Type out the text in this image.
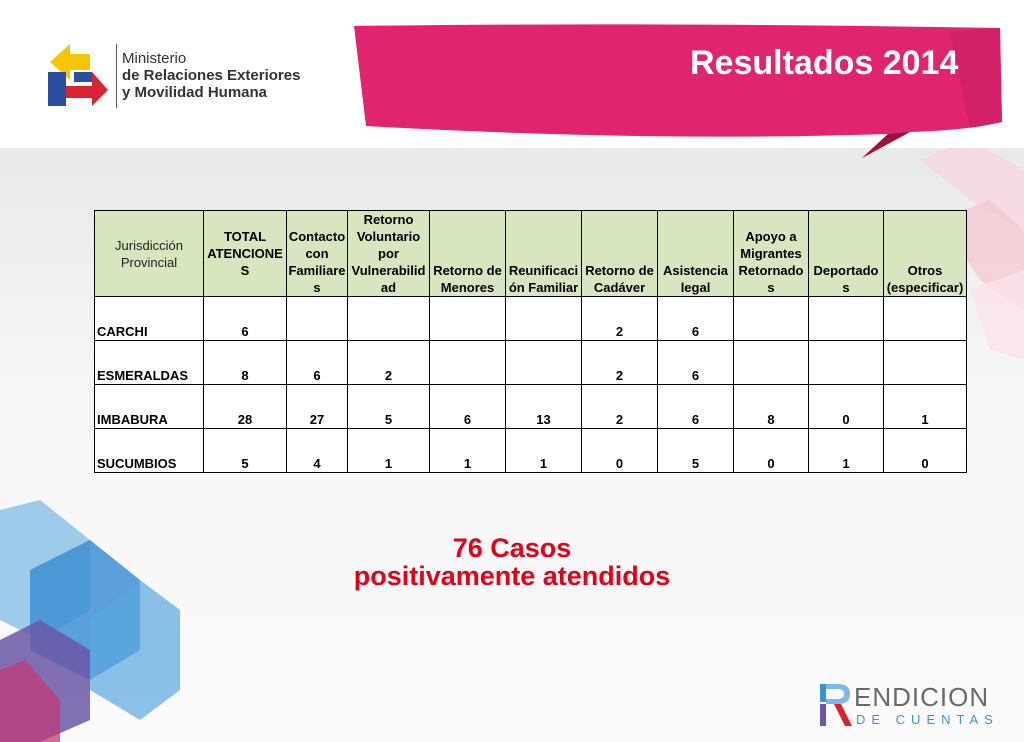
Ministerio
de Relaciones Exteriores
y Movilidad Humana
Resultados 2014
Jurisdicción
Provincial	TOTAL
ATENCIONE
S	Contacto
con
Familiare
s	Retorno
Voluntario
por
Vulnerabilid
ad	Retorno de
Menores	Reunificaci
ón Familiar	Retorno de
Cadáver	Asistencia
legal	Apoyo a
Migrantes
Retornado
s	Deportado
s	Otros
(especificar)
CARCHI	6					2	6			
ESMERALDAS	8	6	2			2	6			
IMBABURA	28	27	5	6	13	2	6	8	0	1
SUCUMBIOS	5	4	1	1	1	0	5	0	1	0
76 Casos
positivamente atendidos
ENDICION
DE CUENTAS
